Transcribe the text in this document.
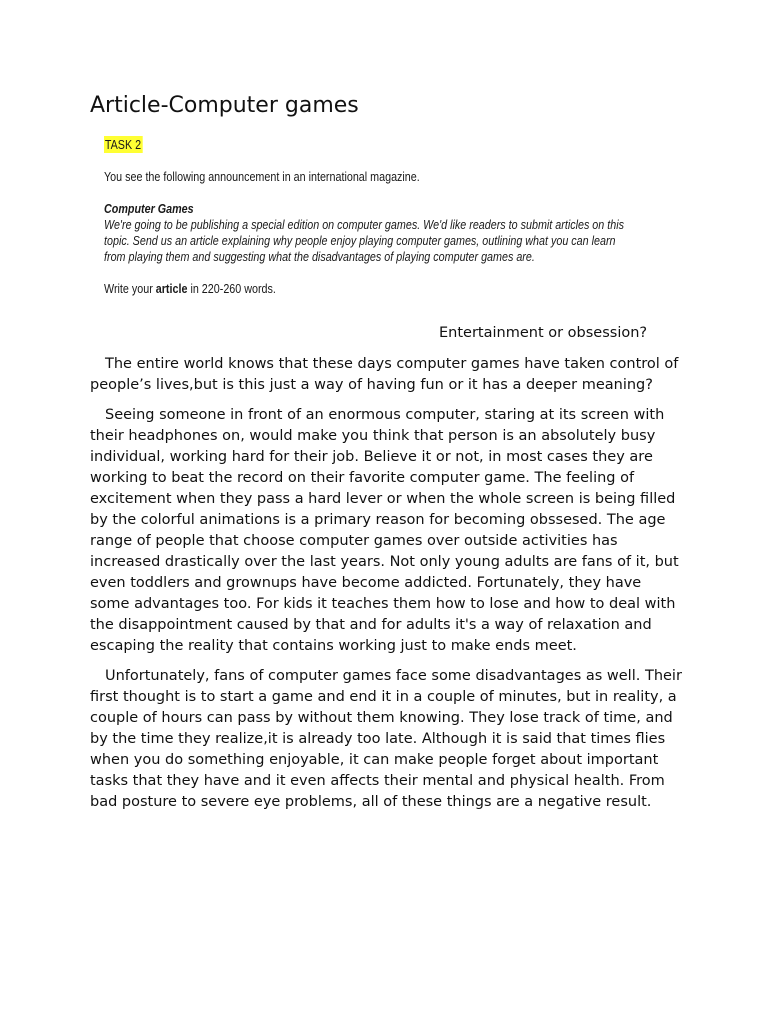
Article-Computer games
TASK 2

You see the following announcement in an international magazine.

Computer Games

We're going to be publishing a special edition on computer games. We'd like readers to submit articles on this

topic. Send us an article explaining why people enjoy playing computer games, outlining what you can learn

from playing them and suggesting what the disadvantages of playing computer games are.

Write your article in 220-260 words.

Entertainment or obsession?

The entire world knows that these days computer games have taken control of people’s lives,but is this just a way of having fun or it has a deeper meaning?

Seeing someone in front of an enormous computer, staring at its screen with their headphones on, would make you think that person is an absolutely busy individual, working hard for their job. Believe it or not, in most cases they are working to beat the record on their favorite computer game. The feeling of excitement when they pass a hard lever or when the whole screen is being filled by the colorful animations is a primary reason for becoming obssesed. The age range of people that choose computer games over outside activities has increased drastically over the last years. Not only young adults are fans of it, but even toddlers and grownups have become addicted. Fortunately, they have some advantages too. For kids it teaches them how to lose and how to deal with the disappointment caused by that and for adults it's a way of relaxation and escaping the reality that contains working just to make ends meet.

Unfortunately, fans of computer games face some disadvantages as well. Their first thought is to start a game and end it in a couple of minutes, but in reality, a couple of hours can pass by without them knowing. They lose track of time, and by the time they realize,it is already too late. Although it is said that times flies when you do something enjoyable, it can make people forget about important tasks that they have and it even affects their mental and physical health. From bad posture to severe eye problems, all of these things are a negative result.
